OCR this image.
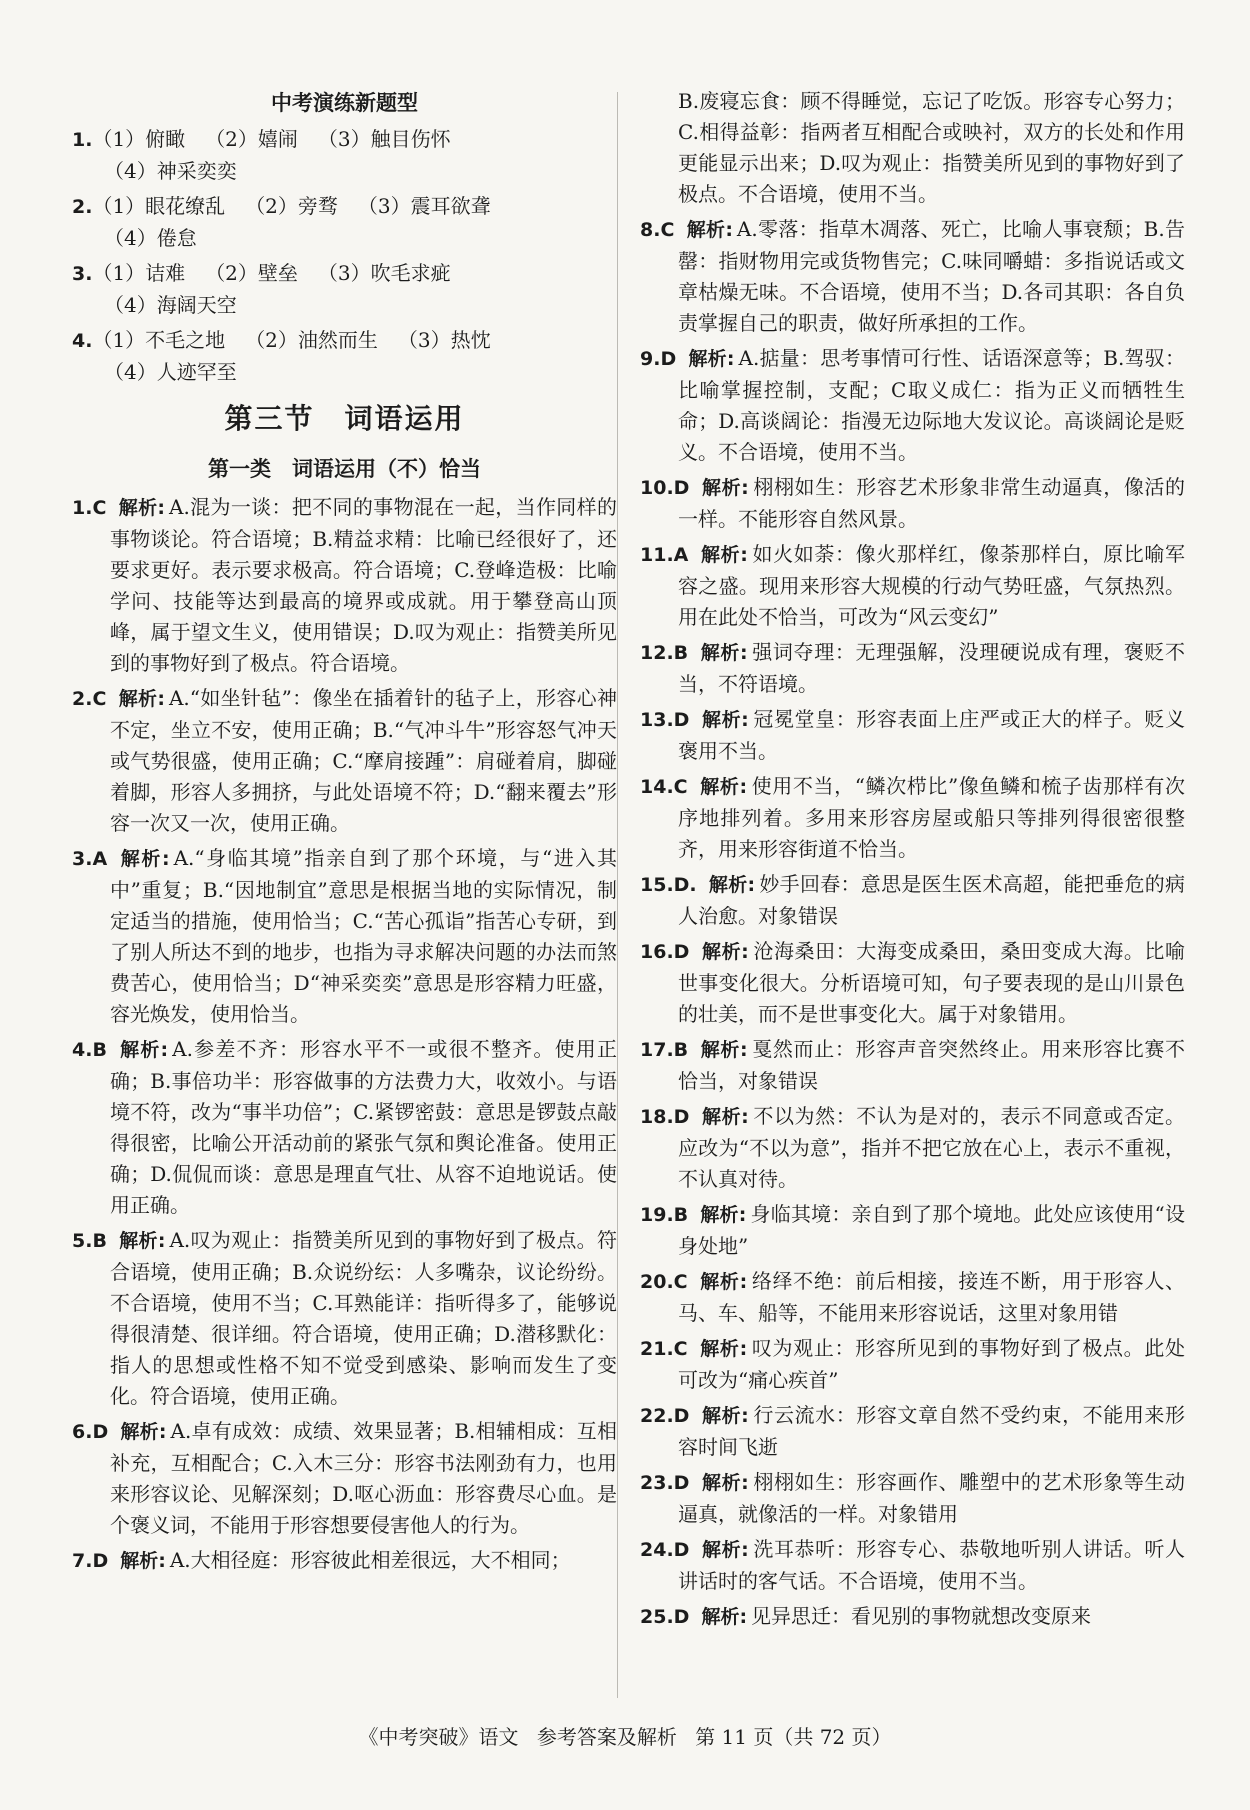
中考演练新题型
1.（1）俯瞰 （2）嬉闹 （3）触目伤怀
（4）神采奕奕
2.（1）眼花缭乱 （2）旁骛 （3）震耳欲聋
（4）倦怠
3.（1）诘难 （2）壁垒 （3）吹毛求疵
（4）海阔天空
4.（1）不毛之地 （2）油然而生 （3）热忱
（4）人迹罕至
第三节　词语运用
第一类　词语运用（不）恰当
1.C 解析: A.混为一谈：把不同的事物混在一起，当作同样的事物谈论。符合语境；B.精益求精：比喻已经很好了，还要求更好。表示要求极高。符合语境；C.登峰造极：比喻学问、技能等达到最高的境界或成就。用于攀登高山顶峰，属于望文生义，使用错误；D.叹为观止：指赞美所见到的事物好到了极点。符合语境。
2.C 解析: A.“如坐针毡”：像坐在插着针的毡子上，形容心神不定，坐立不安，使用正确；B.“气冲斗牛”形容怒气冲天或气势很盛，使用正确；C.“摩肩接踵”：肩碰着肩，脚碰着脚，形容人多拥挤，与此处语境不符；D.“翻来覆去”形容一次又一次，使用正确。
3.A 解析: A.“身临其境”指亲自到了那个环境，与“进入其中”重复；B.“因地制宜”意思是根据当地的实际情况，制定适当的措施，使用恰当；C.“苦心孤诣”指苦心专研，到了别人所达不到的地步，也指为寻求解决问题的办法而煞费苦心，使用恰当；D“神采奕奕”意思是形容精力旺盛，容光焕发，使用恰当。
4.B 解析: A.参差不齐：形容水平不一或很不整齐。使用正确；B.事倍功半：形容做事的方法费力大，收效小。与语境不符，改为“事半功倍”；C.紧锣密鼓：意思是锣鼓点敲得很密，比喻公开活动前的紧张气氛和舆论准备。使用正确；D.侃侃而谈：意思是理直气壮、从容不迫地说话。使用正确。
5.B 解析: A.叹为观止：指赞美所见到的事物好到了极点。符合语境，使用正确；B.众说纷纭：人多嘴杂，议论纷纷。不合语境，使用不当；C.耳熟能详：指听得多了，能够说得很清楚、很详细。符合语境，使用正确；D.潜移默化：指人的思想或性格不知不觉受到感染、影响而发生了变化。符合语境，使用正确。
6.D 解析: A.卓有成效：成绩、效果显著；B.相辅相成：互相补充，互相配合；C.入木三分：形容书法刚劲有力，也用来形容议论、见解深刻；D.呕心沥血：形容费尽心血。是个褒义词，不能用于形容想要侵害他人的行为。
7.D 解析: A.大相径庭：形容彼此相差很远，大不相同；
B.废寝忘食：顾不得睡觉，忘记了吃饭。形容专心努力；C.相得益彰：指两者互相配合或映衬，双方的长处和作用更能显示出来；D.叹为观止：指赞美所见到的事物好到了极点。不合语境，使用不当。
8.C 解析: A.零落：指草木凋落、死亡，比喻人事衰颓；B.告罄：指财物用完或货物售完；C.味同嚼蜡：多指说话或文章枯燥无味。不合语境，使用不当；D.各司其职：各自负责掌握自己的职责，做好所承担的工作。
9.D 解析: A.掂量：思考事情可行性、话语深意等；B.驾驭：比喻掌握控制，支配；C取义成仁：指为正义而牺牲生命；D.高谈阔论：指漫无边际地大发议论。高谈阔论是贬义。不合语境，使用不当。
10.D 解析: 栩栩如生：形容艺术形象非常生动逼真，像活的一样。不能形容自然风景。
11.A 解析: 如火如荼：像火那样红，像荼那样白，原比喻军容之盛。现用来形容大规模的行动气势旺盛，气氛热烈。用在此处不恰当，可改为“风云变幻”
12.B 解析: 强词夺理：无理强解，没理硬说成有理，褒贬不当，不符语境。
13.D 解析: 冠冕堂皇：形容表面上庄严或正大的样子。贬义褒用不当。
14.C 解析: 使用不当，“鳞次栉比”像鱼鳞和梳子齿那样有次序地排列着。多用来形容房屋或船只等排列得很密很整齐，用来形容街道不恰当。
15.D. 解析: 妙手回春：意思是医生医术高超，能把垂危的病人治愈。对象错误
16.D 解析: 沧海桑田：大海变成桑田，桑田变成大海。比喻世事变化很大。分析语境可知，句子要表现的是山川景色的壮美，而不是世事变化大。属于对象错用。
17.B 解析: 戛然而止：形容声音突然终止。用来形容比赛不恰当，对象错误
18.D 解析: 不以为然：不认为是对的，表示不同意或否定。应改为“不以为意”，指并不把它放在心上，表示不重视，不认真对待。
19.B 解析: 身临其境：亲自到了那个境地。此处应该使用“设身处地”
20.C 解析: 络绎不绝：前后相接，接连不断，用于形容人、马、车、船等，不能用来形容说话，这里对象用错
21.C 解析: 叹为观止：形容所见到的事物好到了极点。此处可改为“痛心疾首”
22.D 解析: 行云流水：形容文章自然不受约束，不能用来形容时间飞逝
23.D 解析: 栩栩如生：形容画作、雕塑中的艺术形象等生动逼真，就像活的一样。对象错用
24.D 解析: 洗耳恭听：形容专心、恭敬地听别人讲话。听人讲话时的客气话。不合语境，使用不当。
25.D 解析: 见异思迁：看见别的事物就想改变原来
《中考突破》语文 参考答案及解析 第 11 页（共 72 页）
